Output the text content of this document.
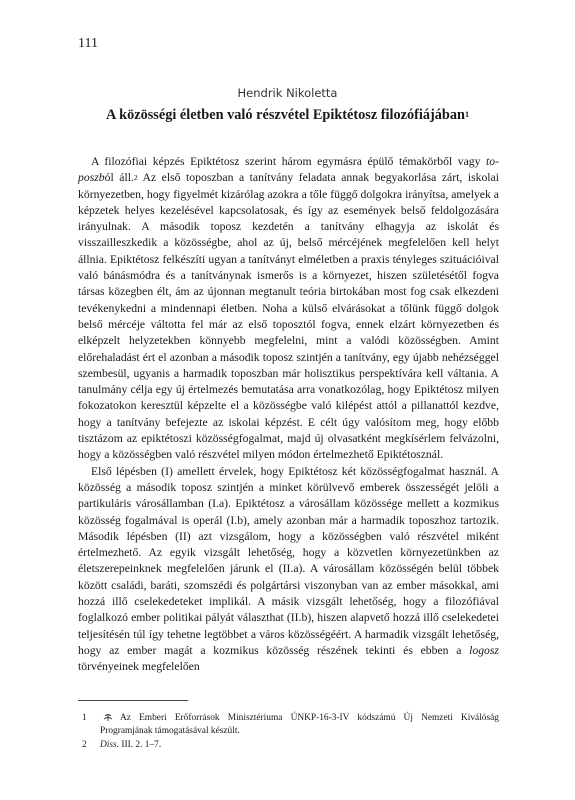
111
Hendrik Nikoletta
A közösségi életben való részvétel Epiktétosz filozófiájában$^1$

A filozófiai képzés Epiktétosz szerint három egymásra épülő témakörből vagy to-poszból áll.$^2$ Az első toposzban a tanítvány feladata annak begyakorlása zárt, iskolai környezetben, hogy figyelmét kizárólag azokra a tőle függő dolgokra irányítsa, amelyek a képzetek helyes kezelésével kapcsolatosak, és így az események belső feldolgozására irányulnak. A második toposz kezdetén a tanítvány elhagyja az iskolát és visszailleszkedik a közösségbe, ahol az új, belső mércéjének megfelelően kell helyt állnia. Epiktétosz felkészíti ugyan a tanítványt elméletben a praxis tényleges szituációival való bánásmódra és a tanítványnak ismerős is a környezet, hiszen születésétől fogva társas közegben élt, ám az újonnan megtanult teória birtokában most fog csak elkezdeni tevékenykedni a mindennapi életben. Noha a külső elvárásokat a tőlünk függő dolgok belső mércéje váltotta fel már az első toposztól fogva, ennek elzárt környezetben és elképzelt helyzetekben könnyebb megfelelni, mint a valódi közösségben. Amint előrehaladást ért el azonban a második toposz szintjén a tanítvány, egy újabb nehézséggel szembesül, ugyanis a harmadik toposzban már holisztikus perspektívára kell váltania. A tanulmány célja egy új értelmezés bemutatása arra vonatkozólag, hogy Epiktétosz milyen fokozatokon keresztül képzelte el a közösségbe való kilépést attól a pillanattól kezdve, hogy a tanítvány befejezte az iskolai képzést. E célt úgy valósítom meg, hogy előbb tisztázom az epiktétoszi közösségfogalmat, majd új olvasatként megkísérlem felvázolni, hogy a közösségben való részvétel milyen módon értelmezhető Epiktétosznál.

Első lépésben (I) amellett érvelek, hogy Epiktétosz két közösségfogalmat használ. A közösség a második toposz szintjén a minket körülvevő emberek összességét jelöli a partikuláris városállamban (I.a). Epiktétosz a városállam közössége mellett a kozmikus közösség fogalmával is operál (I.b), amely azonban már a harmadik toposzhoz tartozik. Második lépésben (II) azt vizsgálom, hogy a közösségben való részvétel miként értelmezhető. Az egyik vizsgált lehetőség, hogy a közvetlen környezetünkben az életszerepeinknek megfelelően járunk el (II.a). A városállam közösségén belül többek között családi, baráti, szomszédi és polgártársi viszonyban van az ember másokkal, ami hozzá illő cselekedeteket implikál. A másik vizsgált lehetőség, hogy a filozófiával foglalkozó ember politikai pályát választhat (II.b), hiszen alapvető hozzá illő cselekedetei teljesítésén túl így tehetne legtöbbet a város közösségéért. A harmadik vizsgált lehetőség, hogy az ember magát a kozmikus közösség részének tekinti és ebben a logosz törvényeinek megfelelően

1	Az Emberi Erőforrások Minisztériuma ÚNKP-16-3-IV kódszámú Új Nemzeti Kiválóság Programjának támogatásával készült.
2	Diss. III. 2. 1–7.
